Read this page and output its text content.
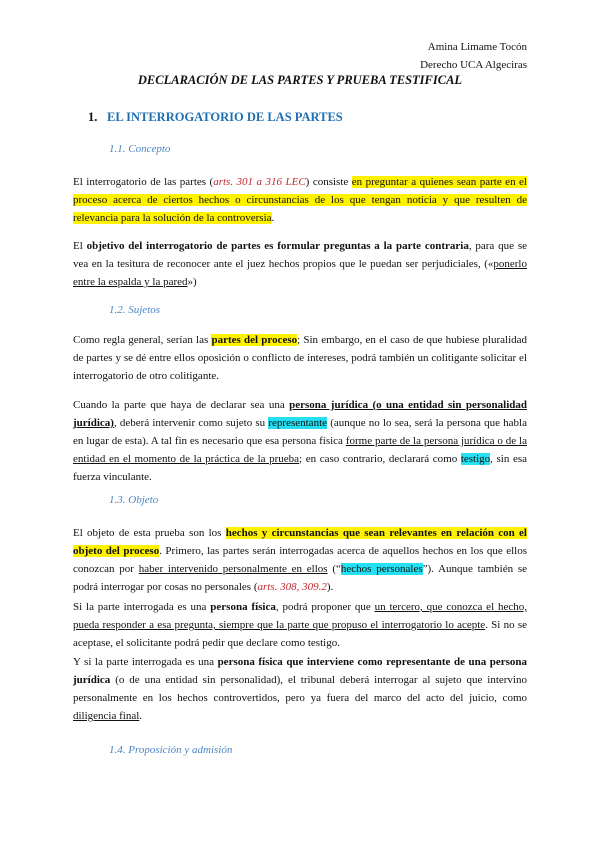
Amina Limame Tocón
Derecho UCA Algeciras
DECLARACIÓN DE LAS PARTES Y PRUEBA TESTIFICAL
1. EL INTERROGATORIO DE LAS PARTES
1.1. Concepto
El interrogatorio de las partes (arts. 301 a 316 LEC) consiste en preguntar a quienes sean parte en el proceso acerca de ciertos hechos o circunstancias de los que tengan noticia y que resulten de relevancia para la solución de la controversia.
El objetivo del interrogatorio de partes es formular preguntas a la parte contraria, para que se vea en la tesitura de reconocer ante el juez hechos propios que le puedan ser perjudiciales, («ponerlo entre la espalda y la pared»)
1.2. Sujetos
Como regla general, serían las partes del proceso; Sin embargo, en el caso de que hubiese pluralidad de partes y se dé entre ellos oposición o conflicto de intereses, podrá también un colitigante solicitar el interrogatorio de otro colitigante.
Cuando la parte que haya de declarar sea una persona jurídica (o una entidad sin personalidad jurídica), deberá intervenir como sujeto su representante (aunque no lo sea, será la persona que habla en lugar de esta). A tal fin es necesario que esa persona física forme parte de la persona jurídica o de la entidad en el momento de la práctica de la prueba; en caso contrario, declarará como testigo, sin esa fuerza vinculante.
1.3. Objeto
El objeto de esta prueba son los hechos y circunstancias que sean relevantes en relación con el objeto del proceso. Primero, las partes serán interrogadas acerca de aquellos hechos en los que ellos conozcan por haber intervenido personalmente en ellos (“hechos personales”). Aunque también se podrá interrogar por cosas no personales (arts. 308, 309.2).
Si la parte interrogada es una persona física, podrá proponer que un tercero, que conozca el hecho, pueda responder a esa pregunta, siempre que la parte que propuso el interrogatorio lo acepte. Si no se aceptase, el solicitante podrá pedir que declare como testigo.
Y si la parte interrogada es una persona física que interviene como representante de una persona jurídica (o de una entidad sin personalidad), el tribunal deberá interrogar al sujeto que intervino personalmente en los hechos controvertidos, pero ya fuera del marco del acto del juicio, como diligencia final.
1.4. Proposición y admisión
